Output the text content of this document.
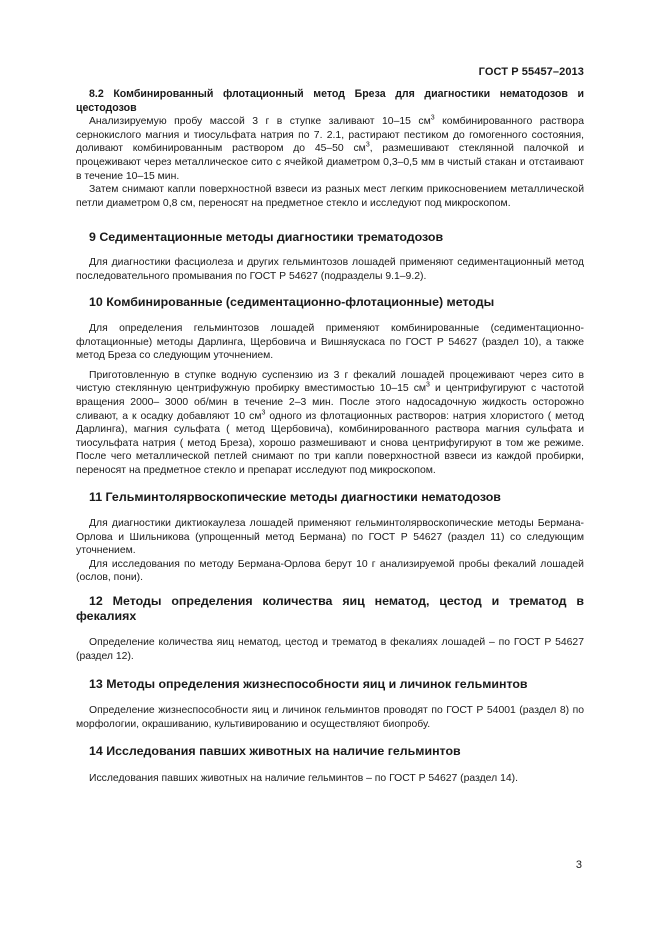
ГОСТ Р 55457–2013

8.2 Комбинированный флотационный метод Бреза для диагностики нематодозов и цестодозов

Анализируемую пробу массой 3 г в ступке заливают 10–15 $см^3$ комбинированного раствора сернокислого магния и тиосульфата натрия по 7. 2.1, растирают пестиком до гомогенного состояния, доливают комбинированным раствором до 45–50 $см^3$, размешивают стеклянной палочкой и процеживают через металлическое сито с ячейкой диаметром 0,3–0,5 мм в чистый стакан и отстаивают в течение 10–15 мин.

Затем снимают капли поверхностной взвеси из разных мест легким прикосновением металлической петли диаметром 0,8 см, переносят на предметное стекло и исследуют под микроскопом.

9 Седиментационные методы диагностики трематодозов

Для диагностики фасциолеза и других гельминтозов лошадей применяют седиментационный метод последовательного промывания по ГОСТ Р 54627 (подразделы 9.1–9.2).

10 Комбинированные (седиментационно-флотационные) методы

Для определения гельминтозов лошадей применяют комбинированные (седиментационно-флотационные) методы Дарлинга, Щербовича и Вишняускаса по ГОСТ Р 54627 (раздел 10), а также метод Бреза со следующим уточнением.

Приготовленную в ступке водную суспензию из 3 г фекалий лошадей процеживают через сито в чистую стеклянную центрифужную пробирку вместимостью 10–15 $см^3$ и центрифугируют с частотой вращения 2000– 3000 об/мин в течение 2–3 мин. После этого надосадочную жидкость осторожно сливают, а к осадку добавляют 10 $см^3$ одного из флотационных растворов: натрия хлористого ( метод Дарлинга), магния сульфата ( метод Щербовича), комбинированного раствора магния сульфата и тиосульфата натрия ( метод Бреза), хорошо размешивают и снова центрифугируют в том же режиме. После чего металлической петлей снимают по три капли поверхностной взвеси из каждой пробирки, переносят на предметное стекло и препарат исследуют под микроскопом.

11 Гельминтолярвоскопические методы диагностики нематодозов

Для диагностики диктиокаулеза лошадей применяют гельминтолярвоскопические методы Бермана-Орлова и Шильникова (упрощенный метод Бермана) по ГОСТ Р 54627 (раздел 11) со следующим уточнением.

Для исследования по методу Бермана-Орлова берут 10 г анализируемой пробы фекалий лошадей (ослов, пони).

12 Методы определения количества яиц нематод, цестод и трематод в фекалиях

Определение количества яиц нематод, цестод и трематод в фекалиях лошадей – по ГОСТ Р 54627 (раздел 12).

13 Методы определения жизнеспособности яиц и личинок гельминтов

Определение жизнеспособности яиц и личинок гельминтов проводят по ГОСТ Р 54001 (раздел 8) по морфологии, окрашиванию, культивированию и осуществляют биопробу.

14 Исследования павших животных на наличие гельминтов

Исследования павших животных на наличие гельминтов – по ГОСТ Р 54627 (раздел 14).

3
